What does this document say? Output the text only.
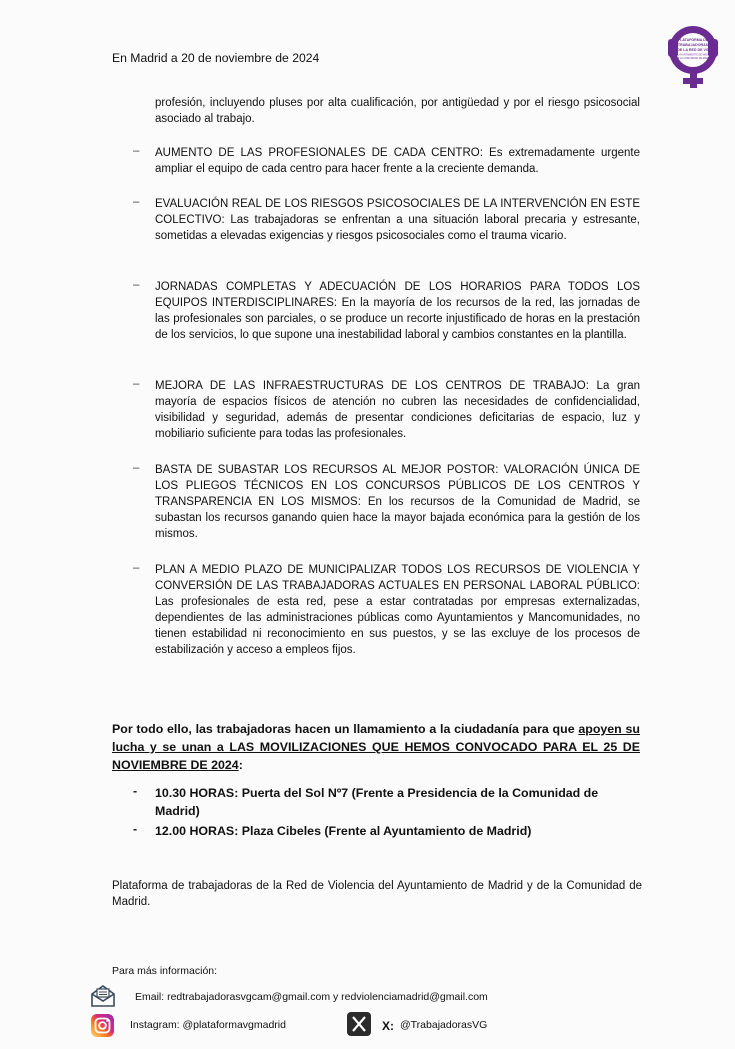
En Madrid a 20 de noviembre de 2024
PLATAFORMA DE
TRABAJADORAS
DE LA RED DE VG
DEL AYUNTAMIENTO DE MADRID
Y DE LA COMUNIDAD DE MADRID
profesión, incluyendo pluses por alta cualificación, por antigüedad y por el riesgo psicosocial asociado al trabajo.
– AUMENTO DE LAS PROFESIONALES DE CADA CENTRO: Es extremadamente urgente ampliar el equipo de cada centro para hacer frente a la creciente demanda.
– EVALUACIÓN REAL DE LOS RIESGOS PSICOSOCIALES DE LA INTERVENCIÓN EN ESTE COLECTIVO: Las trabajadoras se enfrentan a una situación laboral precaria y estresante, sometidas a elevadas exigencias y riesgos psicosociales como el trauma vicario.
– JORNADAS COMPLETAS Y ADECUACIÓN DE LOS HORARIOS PARA TODOS LOS EQUIPOS INTERDISCIPLINARES: En la mayoría de los recursos de la red, las jornadas de las profesionales son parciales, o se produce un recorte injustificado de horas en la prestación de los servicios, lo que supone una inestabilidad laboral y cambios constantes en la plantilla.
– MEJORA DE LAS INFRAESTRUCTURAS DE LOS CENTROS DE TRABAJO: La gran mayoría de espacios físicos de atención no cubren las necesidades de confidencialidad, visibilidad y seguridad, además de presentar condiciones deficitarias de espacio, luz y mobiliario suficiente para todas las profesionales.
– BASTA DE SUBASTAR LOS RECURSOS AL MEJOR POSTOR: VALORACIÓN ÚNICA DE LOS PLIEGOS TÉCNICOS EN LOS CONCURSOS PÚBLICOS DE LOS CENTROS Y TRANSPARENCIA EN LOS MISMOS: En los recursos de la Comunidad de Madrid, se subastan los recursos ganando quien hace la mayor bajada económica para la gestión de los mismos.
– PLAN A MEDIO PLAZO DE MUNICIPALIZAR TODOS LOS RECURSOS DE VIOLENCIA Y CONVERSIÓN DE LAS TRABAJADORAS ACTUALES EN PERSONAL LABORAL PÚBLICO: Las profesionales de esta red, pese a estar contratadas por empresas externalizadas, dependientes de las administraciones públicas como Ayuntamientos y Mancomunidades, no tienen estabilidad ni reconocimiento en sus puestos, y se las excluye de los procesos de estabilización y acceso a empleos fijos.
Por todo ello, las trabajadoras hacen un llamamiento a la ciudadanía para que apoyen su lucha y se unan a LAS MOVILIZACIONES QUE HEMOS CONVOCADO PARA EL 25 DE NOVIEMBRE DE 2024:
- 10.30 HORAS: Puerta del Sol Nº7 (Frente a Presidencia de la Comunidad de Madrid)
- 12.00 HORAS: Plaza Cibeles (Frente al Ayuntamiento de Madrid)
Plataforma de trabajadoras de la Red de Violencia del Ayuntamiento de Madrid y de la Comunidad de Madrid.
Para más información:
Email: redtrabajadorasvgcam@gmail.com y redviolenciamadrid@gmail.com
Instagram: @plataformavgmadrid	X: @TrabajadorasVG
